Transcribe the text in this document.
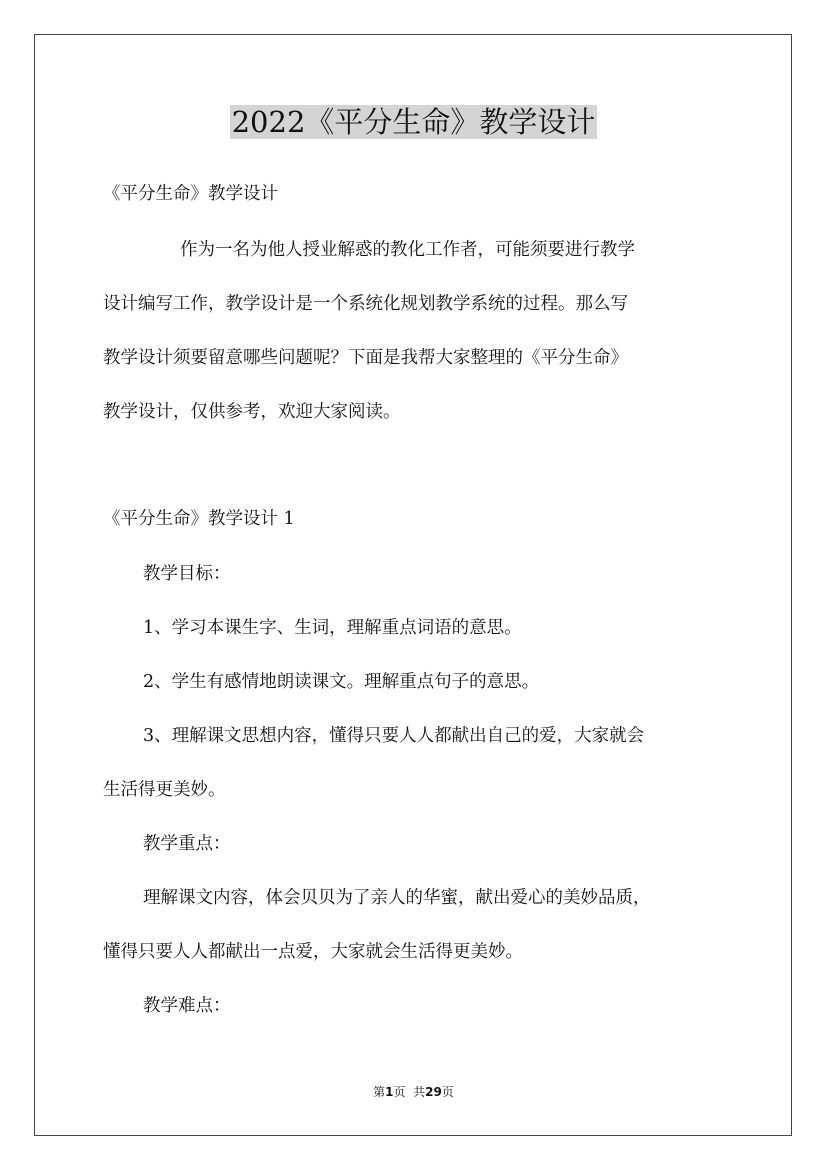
2022《平分生命》教学设计

《平分生命》教学设计

作为一名为他人授业解惑的教化工作者，可能须要进行教学

设计编写工作，教学设计是一个系统化规划教学系统的过程。那么写

教学设计须要留意哪些问题呢？下面是我帮大家整理的《平分生命》

教学设计，仅供参考，欢迎大家阅读。

《平分生命》教学设计 1

教学目标：

1、学习本课生字、生词，理解重点词语的意思。

2、学生有感情地朗读课文。理解重点句子的意思。

3、理解课文思想内容，懂得只要人人都献出自己的爱，大家就会

生活得更美妙。

教学重点：

理解课文内容，体会贝贝为了亲人的华蜜，献出爱心的美妙品质，

懂得只要人人都献出一点爱，大家就会生活得更美妙。

教学难点：

第1页 共29页
